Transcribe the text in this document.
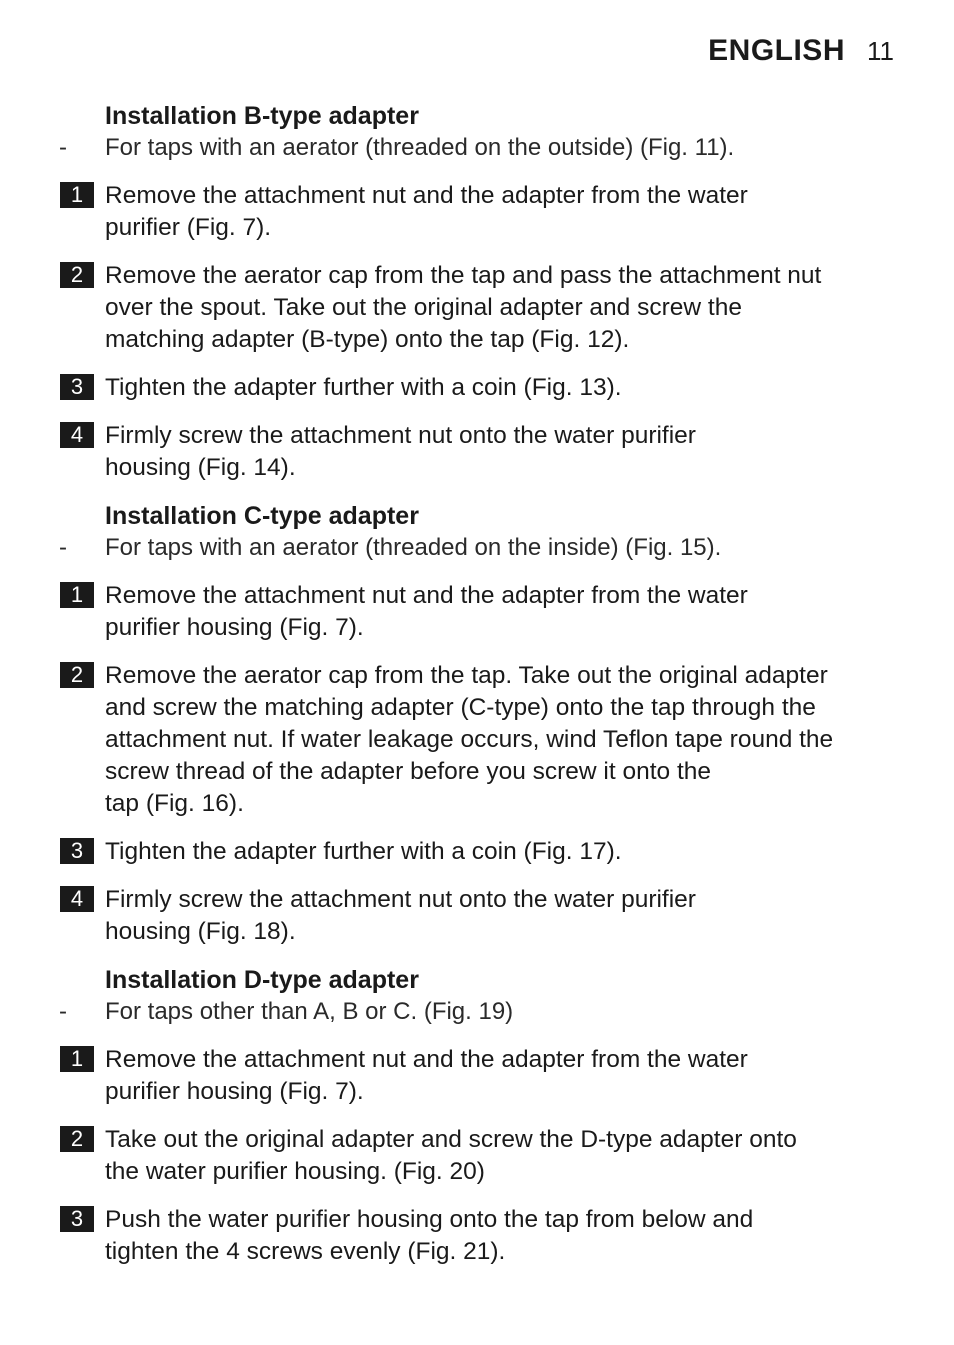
ENGLISH 11
Installation B-type adapter

- For taps with an aerator (threaded on the outside) (Fig. 11).

1 Remove the attachment nut and the adapter from the water
purifier (Fig. 7).
2 Remove the aerator cap from the tap and pass the attachment nut
over the spout. Take out the original adapter and screw the
matching adapter (B-type) onto the tap (Fig. 12).
3 Tighten the adapter further with a coin (Fig. 13).
4 Firmly screw the attachment nut onto the water purifier
housing (Fig. 14).
Installation C-type adapter

- For taps with an aerator (threaded on the inside) (Fig. 15).

1 Remove the attachment nut and the adapter from the water
purifier housing (Fig. 7).
2 Remove the aerator cap from the tap. Take out the original adapter
and screw the matching adapter (C-type) onto the tap through the
attachment nut. If water leakage occurs, wind Teflon tape round the
screw thread of the adapter before you screw it onto the
tap (Fig. 16).
3 Tighten the adapter further with a coin (Fig. 17).
4 Firmly screw the attachment nut onto the water purifier
housing (Fig. 18).
Installation D-type adapter

- For taps other than A, B or C. (Fig. 19)

1 Remove the attachment nut and the adapter from the water
purifier housing (Fig. 7).
2 Take out the original adapter and screw the D-type adapter onto
the water purifier housing. (Fig. 20)
3 Push the water purifier housing onto the tap from below and
tighten the 4 screws evenly (Fig. 21).
